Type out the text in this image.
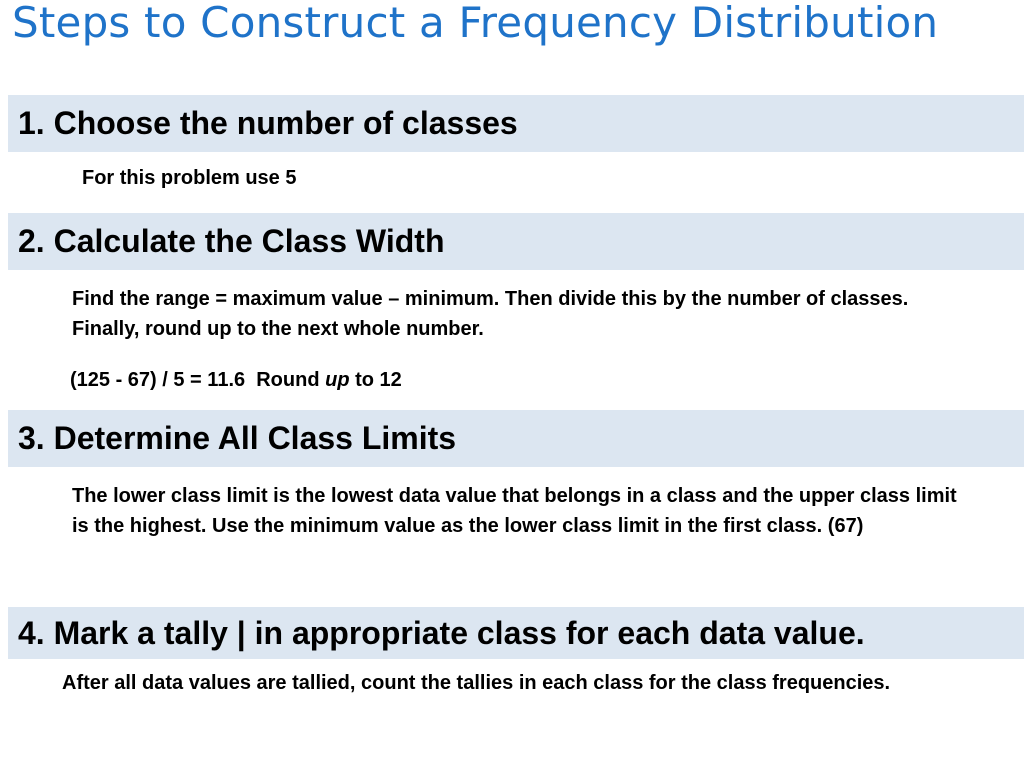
Steps to Construct a Frequency Distribution
1. Choose the number of classes
For this problem use 5
2. Calculate the Class Width
Find the range = maximum value – minimum. Then divide this by the number of classes. Finally, round up to the next whole number.
(125 - 67) / 5 = 11.6  Round up to 12
3. Determine All Class Limits
The lower class limit is the lowest data value that belongs in a class and the upper class limit is the highest. Use the minimum value as the lower class limit in the first class. (67)
4. Mark a tally | in appropriate class for each data value.
After all data values are tallied, count the tallies in each class for the class frequencies.
